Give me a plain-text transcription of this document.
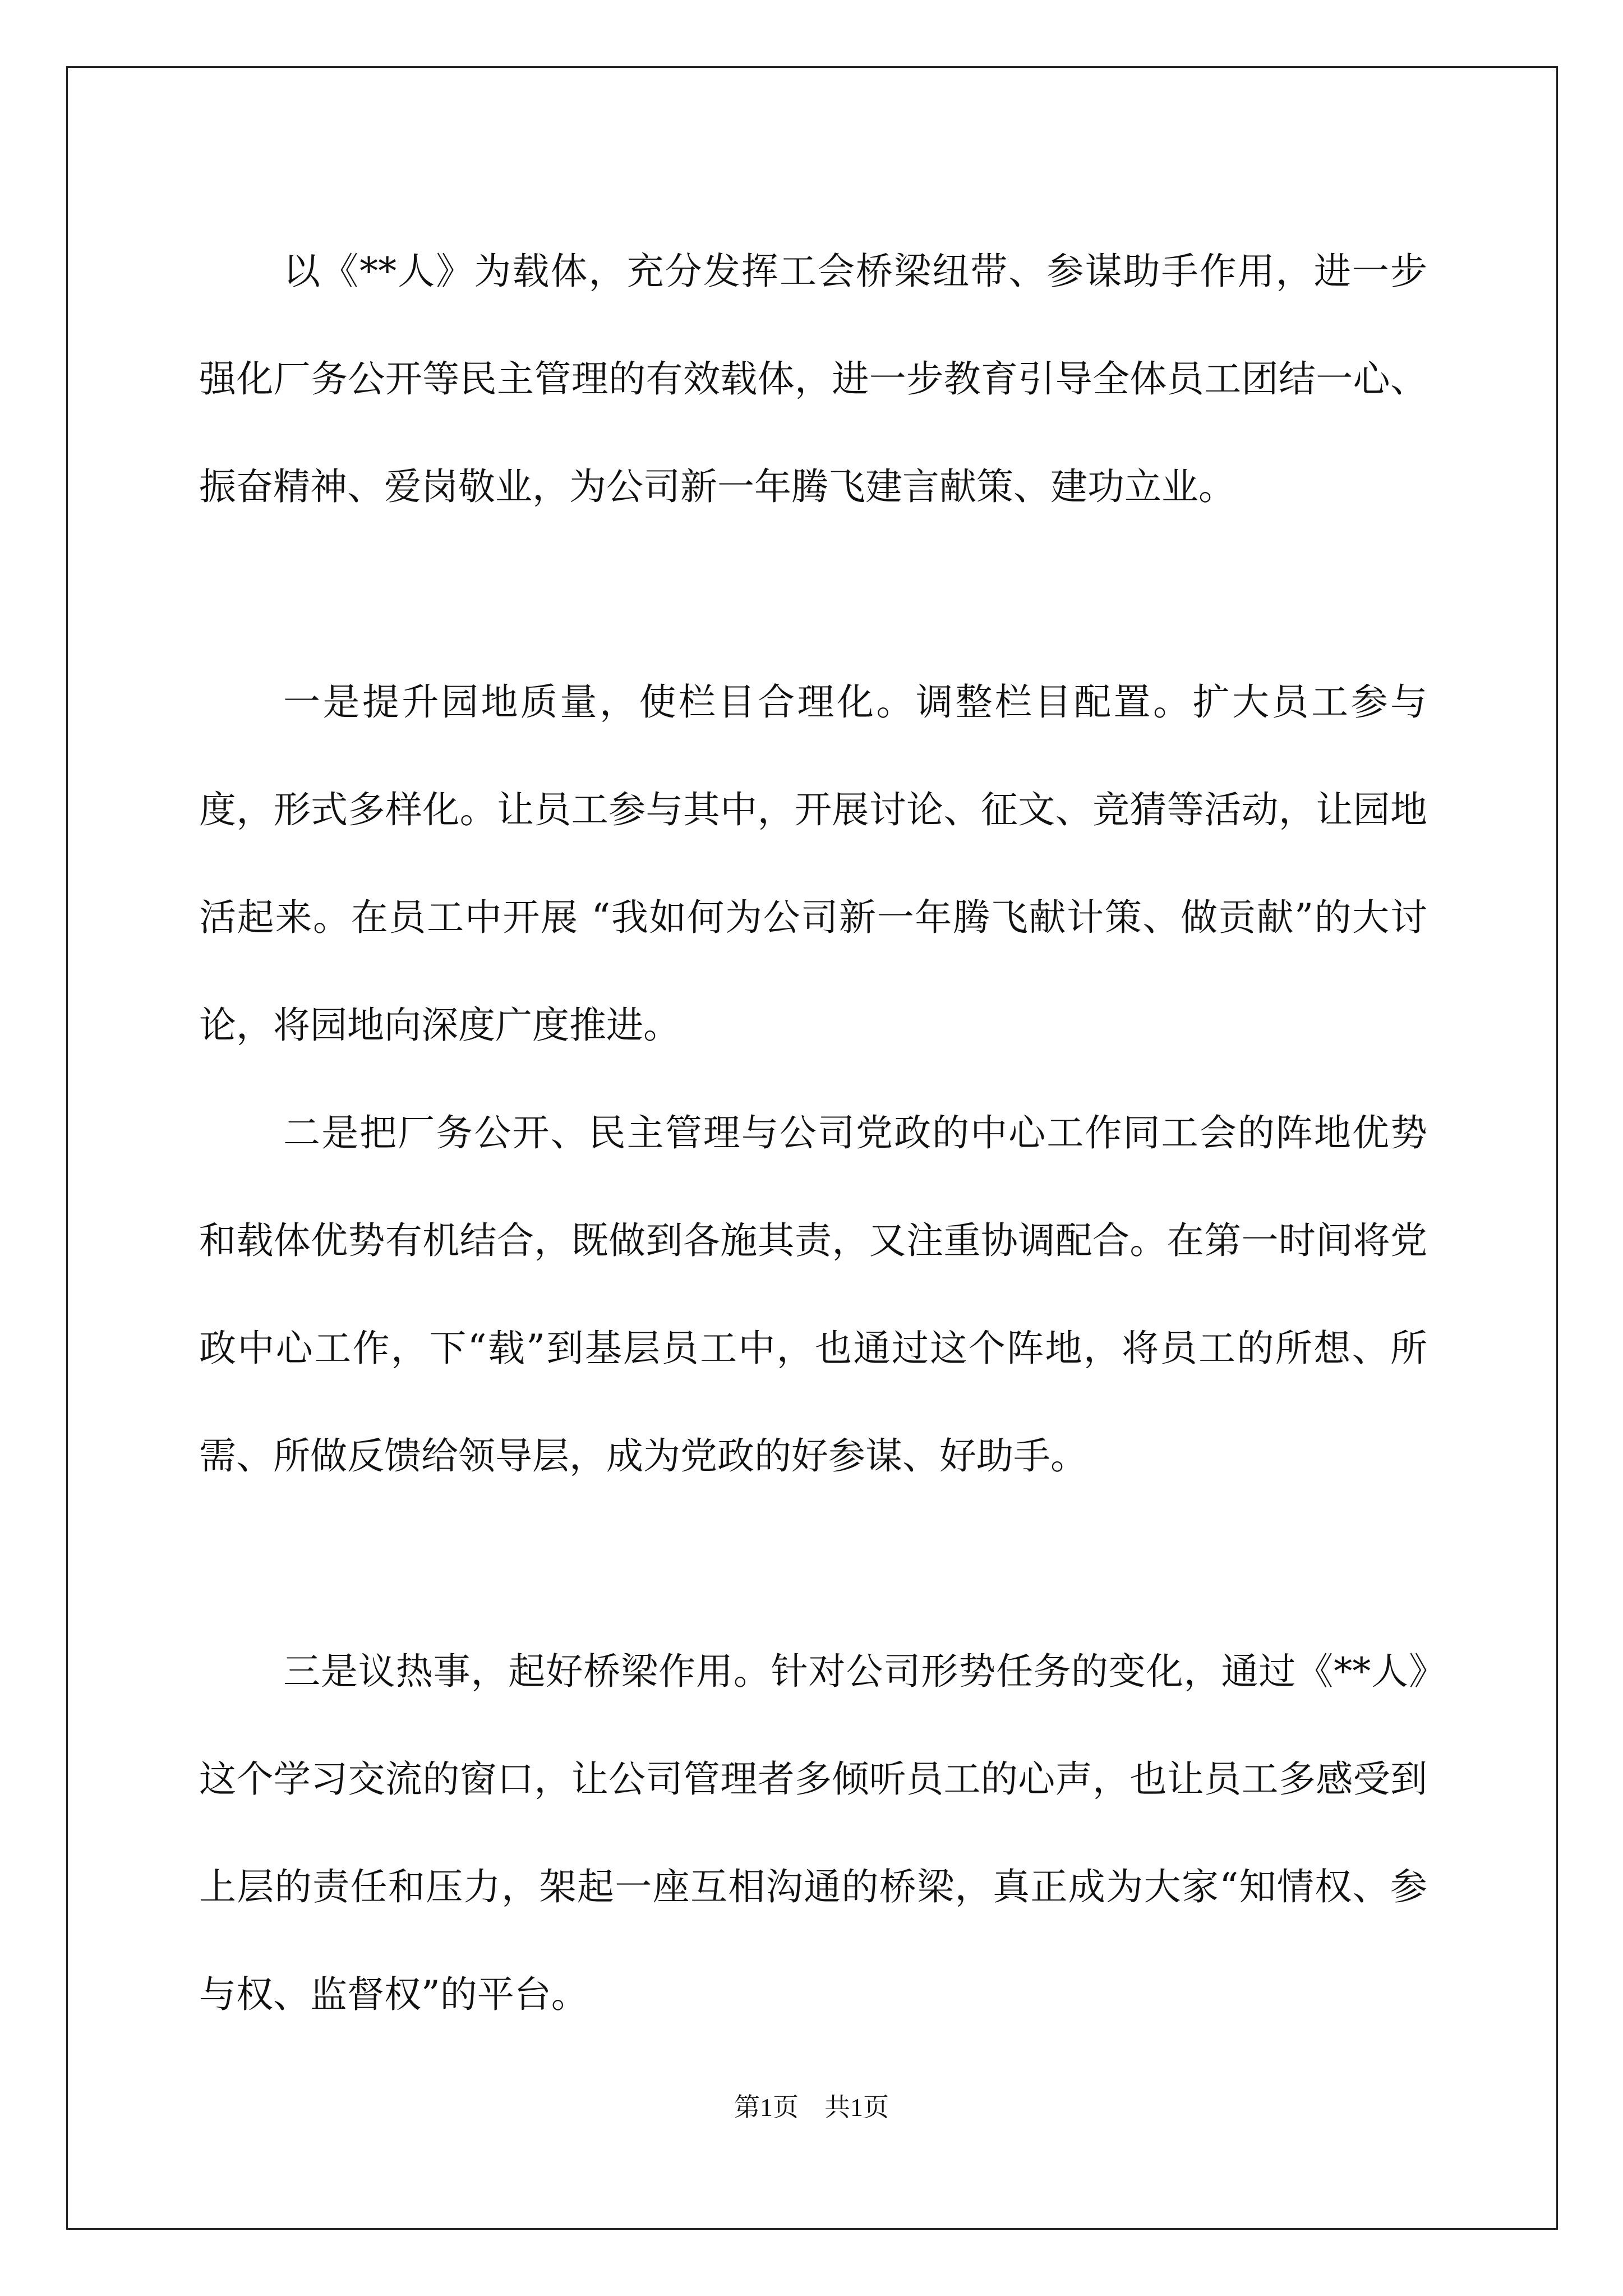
以《**人》为载体，充分发挥工会桥梁纽带、参谋助手作用，进一步强化厂务公开等民主管理的有效载体，进一步教育引导全体员工团结一心、振奋精神、爱岗敬业，为公司新一年腾飞建言献策、建功立业。

一是提升园地质量，使栏目合理化。调整栏目配置。扩大员工参与度，形式多样化。让员工参与其中，开展讨论、征文、竞猜等活动，让园地活起来。在员工中开展 “我如何为公司新一年腾飞献计策、做贡献”的大讨论，将园地向深度广度推进。

二是把厂务公开、民主管理与公司党政的中心工作同工会的阵地优势和载体优势有机结合，既做到各施其责，又注重协调配合。在第一时间将党政中心工作，下“载”到基层员工中，也通过这个阵地，将员工的所想、所需、所做反馈给领导层，成为党政的好参谋、好助手。

三是议热事，起好桥梁作用。针对公司形势任务的变化，通过《**人》这个学习交流的窗口，让公司管理者多倾听员工的心声，也让员工多感受到上层的责任和压力，架起一座互相沟通的桥梁，真正成为大家“知情权、参与权、监督权”的平台。

第1页　共1页
